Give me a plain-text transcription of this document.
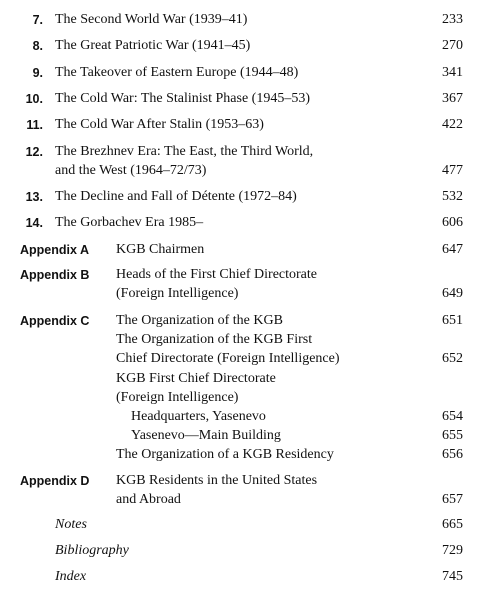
7. The Second World War (1939–41)	233
8. The Great Patriotic War (1941–45)	270
9. The Takeover of Eastern Europe (1944–48)	341
10. The Cold War: The Stalinist Phase (1945–53)	367
11. The Cold War After Stalin (1953–63)	422
12. The Brezhnev Era: The East, the Third World,
and the West (1964–72/73)	477
13. The Decline and Fall of Détente (1972–84)	532
14. The Gorbachev Era 1985–	606
Appendix A KGB Chairmen	647
Appendix B Heads of the First Chief Directorate
(Foreign Intelligence)	649
Appendix C The Organization of the KGB	651
The Organization of the KGB First
Chief Directorate (Foreign Intelligence)	652
KGB First Chief Directorate
(Foreign Intelligence)
Headquarters, Yasenevo	654
Yasenevo—Main Building	655
The Organization of a KGB Residency	656
Appendix D KGB Residents in the United States
and Abroad	657
Notes	665
Bibliography	729
Index	745
